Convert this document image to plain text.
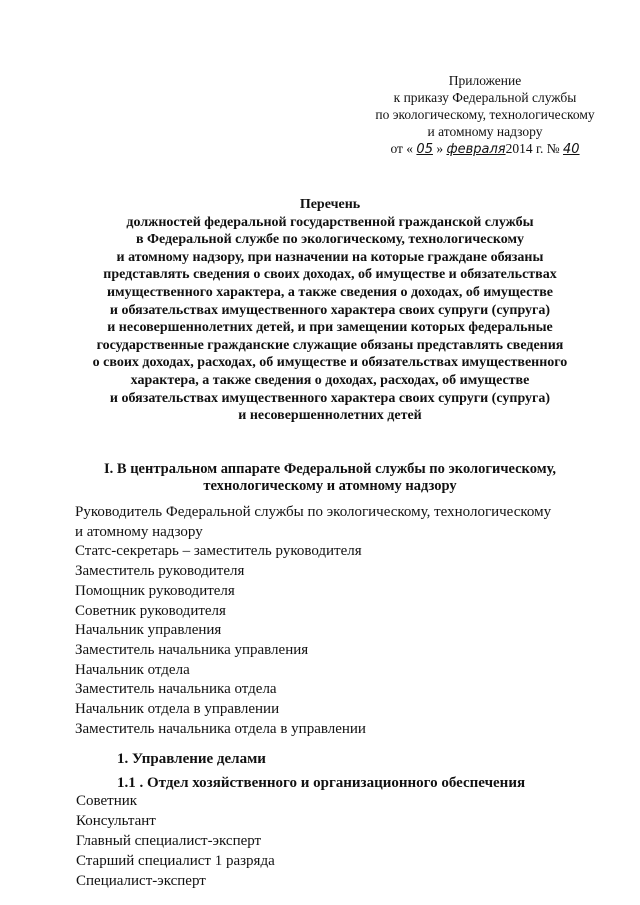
Приложение
к приказу Федеральной службы
по экологическому, технологическому
и атомному надзору
от « 05 » февраля2014 г. № 40
Перечень
должностей федеральной государственной гражданской службы
в Федеральной службе по экологическому, технологическому
и атомному надзору, при назначении на которые граждане обязаны
представлять сведения о своих доходах, об имуществе и обязательствах
имущественного характера, а также сведения о доходах, об имуществе
и обязательствах имущественного характера своих супруги (супруга)
и несовершеннолетних детей, и при замещении которых федеральные
государственные гражданские служащие обязаны представлять сведения
о своих доходах, расходах, об имуществе и обязательствах имущественного
характера, а также сведения о доходах, расходах, об имуществе
и обязательствах имущественного характера своих супруги (супруга)
и несовершеннолетних детей
I. В центральном аппарате Федеральной службы по экологическому,
технологическому и атомному надзору
Руководитель Федеральной службы по экологическому, технологическому
и атомному надзору
Статс-секретарь – заместитель руководителя
Заместитель руководителя
Помощник руководителя
Советник руководителя
Начальник управления
Заместитель начальника управления
Начальник отдела
Заместитель начальника отдела
Начальник отдела в управлении
Заместитель начальника отдела в управлении
1. Управление делами
1.1 . Отдел хозяйственного и организационного обеспечения
Советник
Консультант
Главный специалист-эксперт
Старший специалист 1 разряда
Специалист-эксперт
